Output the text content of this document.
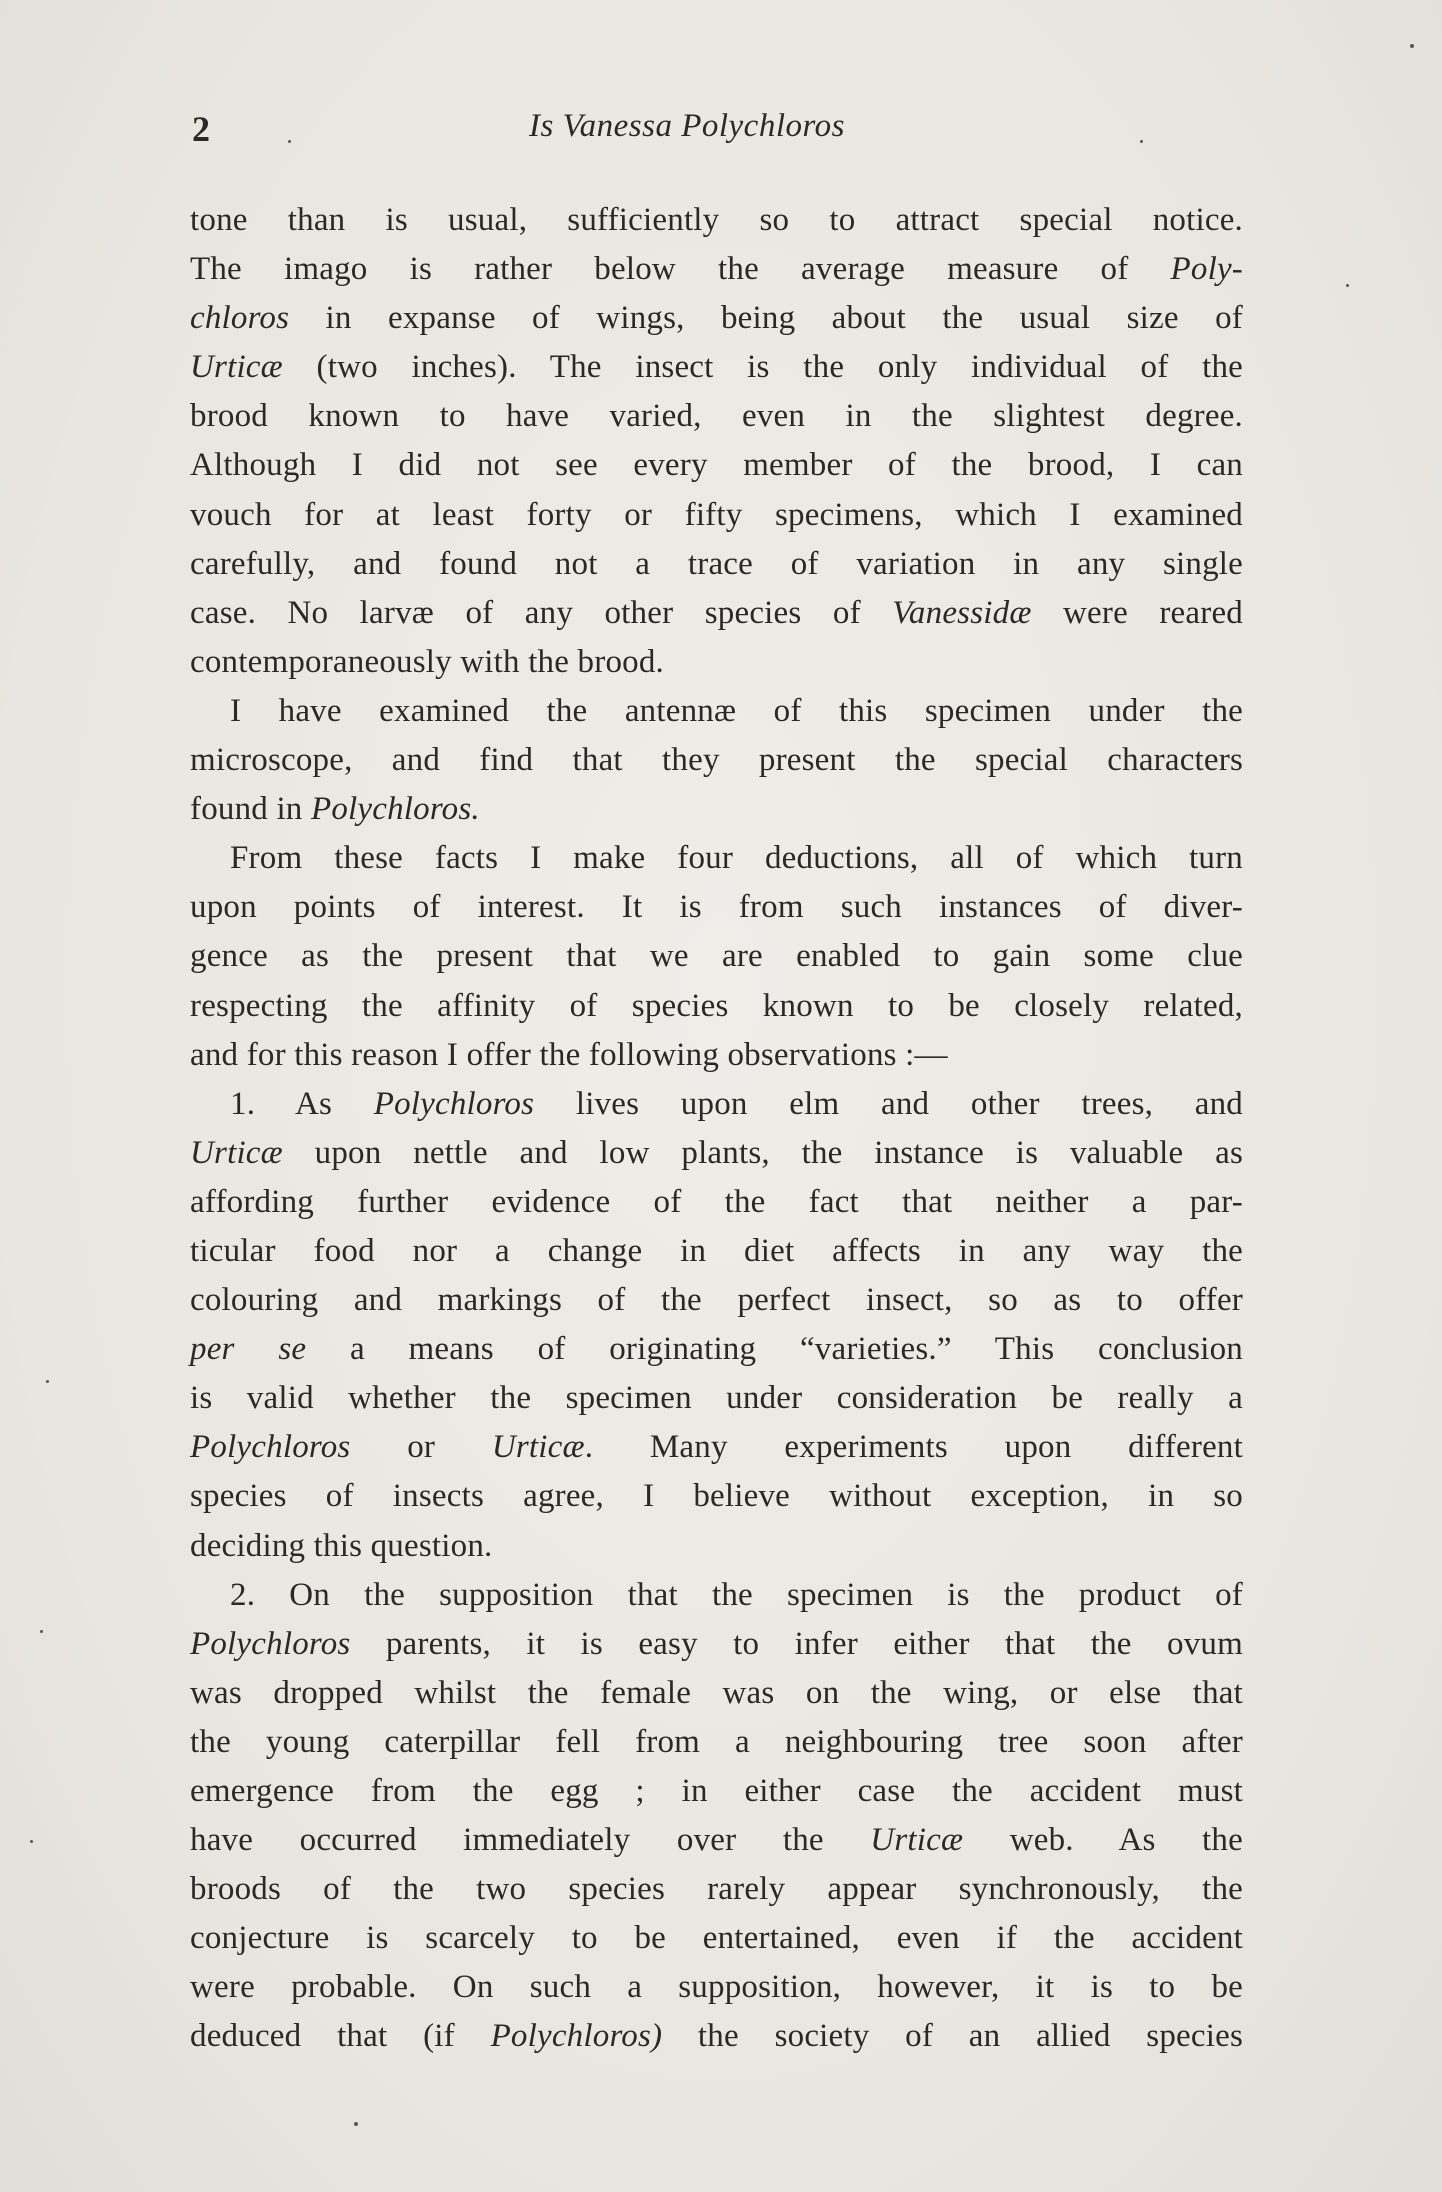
2	Is Vanessa Polychloros
tone than is usual, sufficiently so to attract special notice.
The imago is rather below the average measure of Poly-
chloros in expanse of wings, being about the usual size of
Urticæ (two inches). The insect is the only individual of the
brood known to have varied, even in the slightest degree.
Although I did not see every member of the brood, I can
vouch for at least forty or fifty specimens, which I examined
carefully, and found not a trace of variation in any single
case. No larvæ of any other species of Vanessidæ were reared
contemporaneously with the brood.
I have examined the antennæ of this specimen under the
microscope, and find that they present the special characters
found in Polychloros.
From these facts I make four deductions, all of which turn
upon points of interest. It is from such instances of diver-
gence as the present that we are enabled to gain some clue
respecting the affinity of species known to be closely related,
and for this reason I offer the following observations :—
1. As Polychloros lives upon elm and other trees, and
Urticæ upon nettle and low plants, the instance is valuable as
affording further evidence of the fact that neither a par-
ticular food nor a change in diet affects in any way the
colouring and markings of the perfect insect, so as to offer
per se a means of originating “varieties.” This conclusion
is valid whether the specimen under consideration be really a
Polychloros or Urticæ. Many experiments upon different
species of insects agree, I believe without exception, in so
deciding this question.
2. On the supposition that the specimen is the product of
Polychloros parents, it is easy to infer either that the ovum
was dropped whilst the female was on the wing, or else that
the young caterpillar fell from a neighbouring tree soon after
emergence from the egg ; in either case the accident must
have occurred immediately over the Urticæ web. As the
broods of the two species rarely appear synchronously, the
conjecture is scarcely to be entertained, even if the accident
were probable. On such a supposition, however, it is to be
deduced that (if Polychloros) the society of an allied species
